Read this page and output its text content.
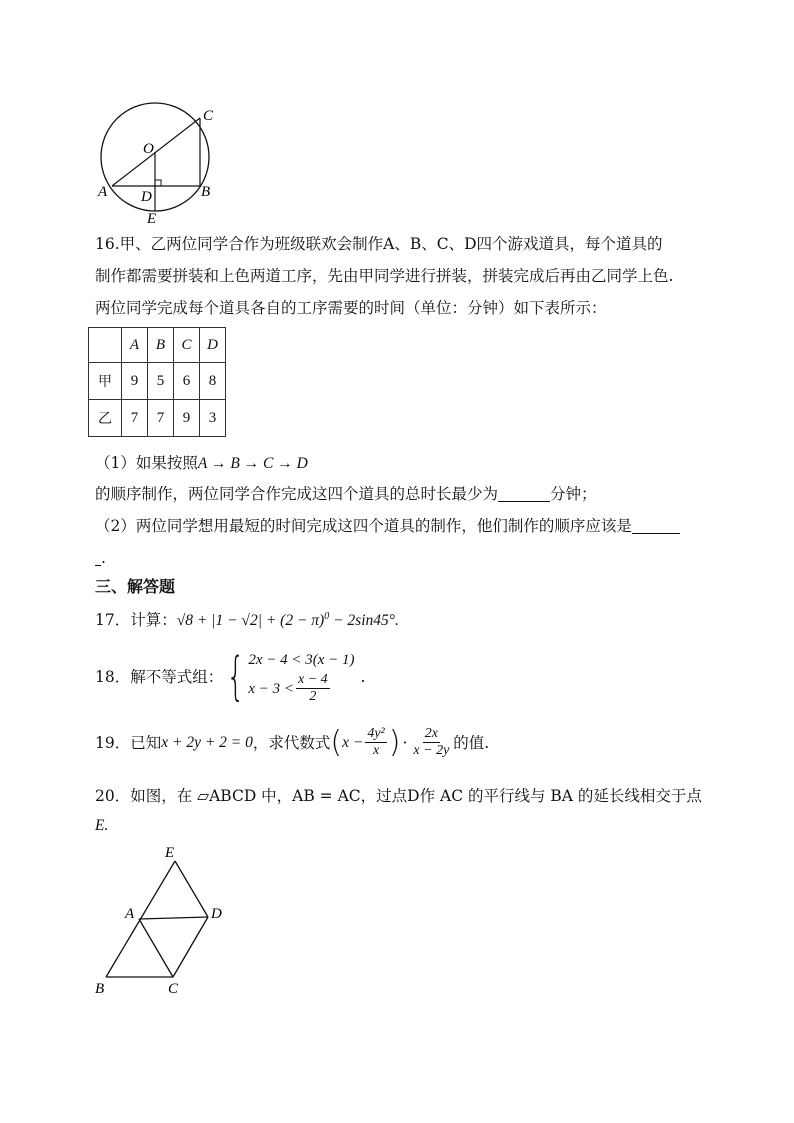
C
O
A D	B
E
16.甲、乙两位同学合作为班级联欢会制作A、B、C、D四个游戏道具，每个道具的
制作都需要拼装和上色两道工序，先由甲同学进行拼装，拼装完成后再由乙同学上色.
两位同学完成每个道具各自的工序需要的时间（单位：分钟）如下表所示：
	A	B	C	D
甲	9	5	6	8
乙	7	7	9	3
（1）如果按照A → B → C → D
的顺序制作，两位同学合作完成这四个道具的总时长最少为	分钟；
（2）两位同学想用最短的时间完成这四个道具的制作，他们制作的顺序应该是
.
三、解答题
17．计算：$√8 + |1 - √2| + (2 - \pi)^0 - 2\sin 45^\circ$.
18． 解不等式组： { 2x − 4 < 3(x − 1)
$x - 3 < \frac{x - 4}{2}$ .
19． 已知 x + 2y + 2 = 0 ，求代数式 ( $x - \frac{\text{4y²}}{x}$ ) · $\frac{2x}{x - 2y}$ 的值.
20．如图，在 ▱ABCD 中，AB = AC，过点D作 AC 的平行线与 BA 的延长线相交于点
E.
E
A	D
B	C
